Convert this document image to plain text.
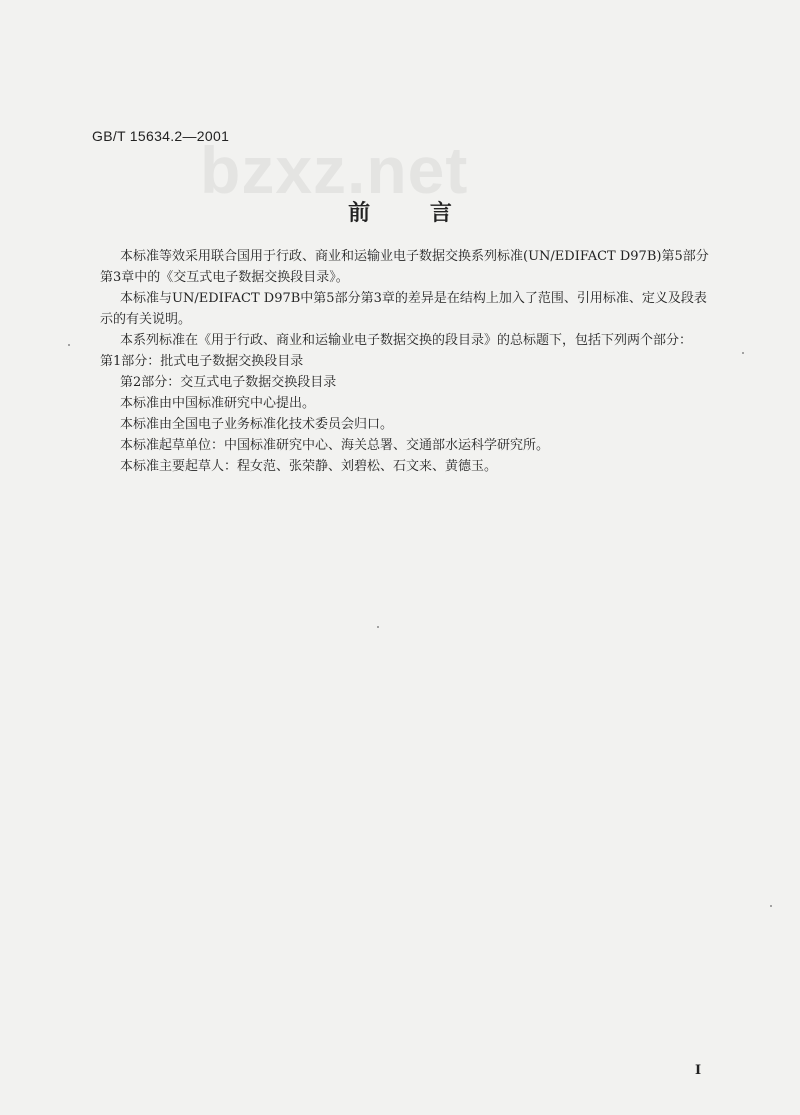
bzxz.net
GB/T 15634.2—2001
前 言

本标准等效采用联合国用于行政、商业和运输业电子数据交换系列标准(UN/EDIFACT D97B)第5部分第3章中的《交互式电子数据交换段目录》。

本标准与UN/EDIFACT D97B中第5部分第3章的差异是在结构上加入了范围、引用标准、定义及段表示的有关说明。

本系列标准在《用于行政、商业和运输业电子数据交换的段目录》的总标题下，包括下列两个部分：

第1部分：批式电子数据交换段目录

第2部分：交互式电子数据交换段目录

本标准由中国标准研究中心提出。

本标准由全国电子业务标准化技术委员会归口。

本标准起草单位：中国标准研究中心、海关总署、交通部水运科学研究所。

本标准主要起草人：程女范、张荣静、刘碧松、石文来、黄德玉。

I
